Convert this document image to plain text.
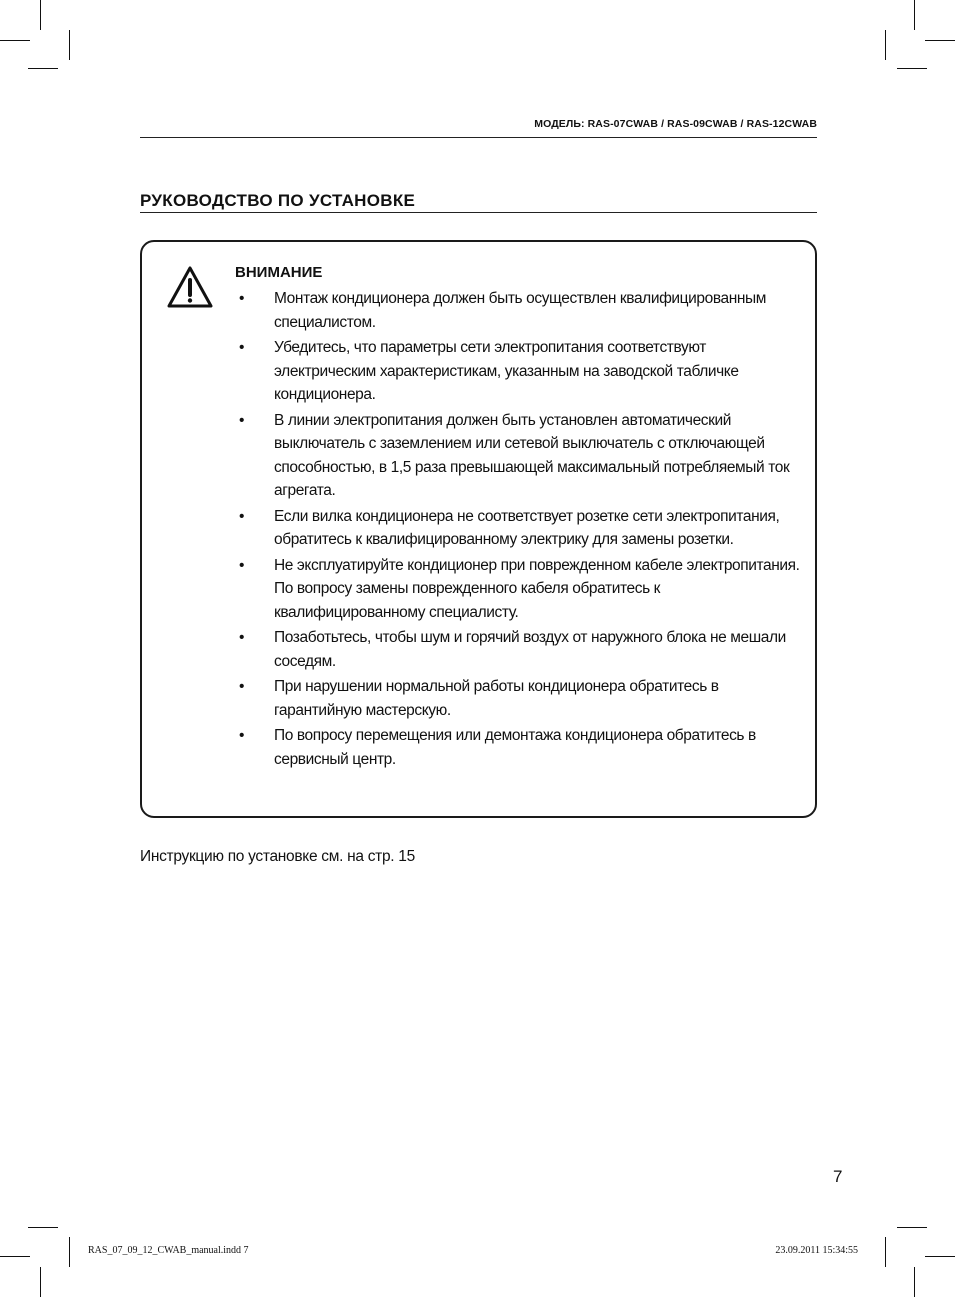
МОДЕЛЬ: RAS-07CWAB / RAS-09CWAB / RAS-12CWAB
РУКОВОДСТВО ПО УСТАНОВКЕ
ВНИМАНИЕ
• Монтаж кондиционера должен быть осуществлен квалифицированным специалистом.
• Убедитесь, что параметры сети электропитания соответствуют электрическим характеристикам, указанным на заводской табличке кондиционера.
• В линии электропитания должен быть установлен автоматический выключатель с заземлением или сетевой выключатель с отключающей способностью, в 1,5 раза превышающей максимальный потребляемый ток агрегата.
• Если вилка кондиционера не соответствует розетке сети электропитания, обратитесь к квалифицированному электрику для замены розетки.
• Не эксплуатируйте кондиционер при поврежденном кабеле электропитания. По вопросу замены поврежденного кабеля обратитесь к квалифицированному специалисту.
• Позаботьтесь, чтобы шум и горячий воздух от наружного блока не мешали соседям.
• При нарушении нормальной работы кондиционера обратитесь в гарантийную мастерскую.
• По вопросу перемещения или демонтажа кондиционера обратитесь в сервисный центр.
Инструкцию по установке см. на стр. 15
7
RAS_07_09_12_CWAB_manual.indd 7	23.09.2011 15:34:55
